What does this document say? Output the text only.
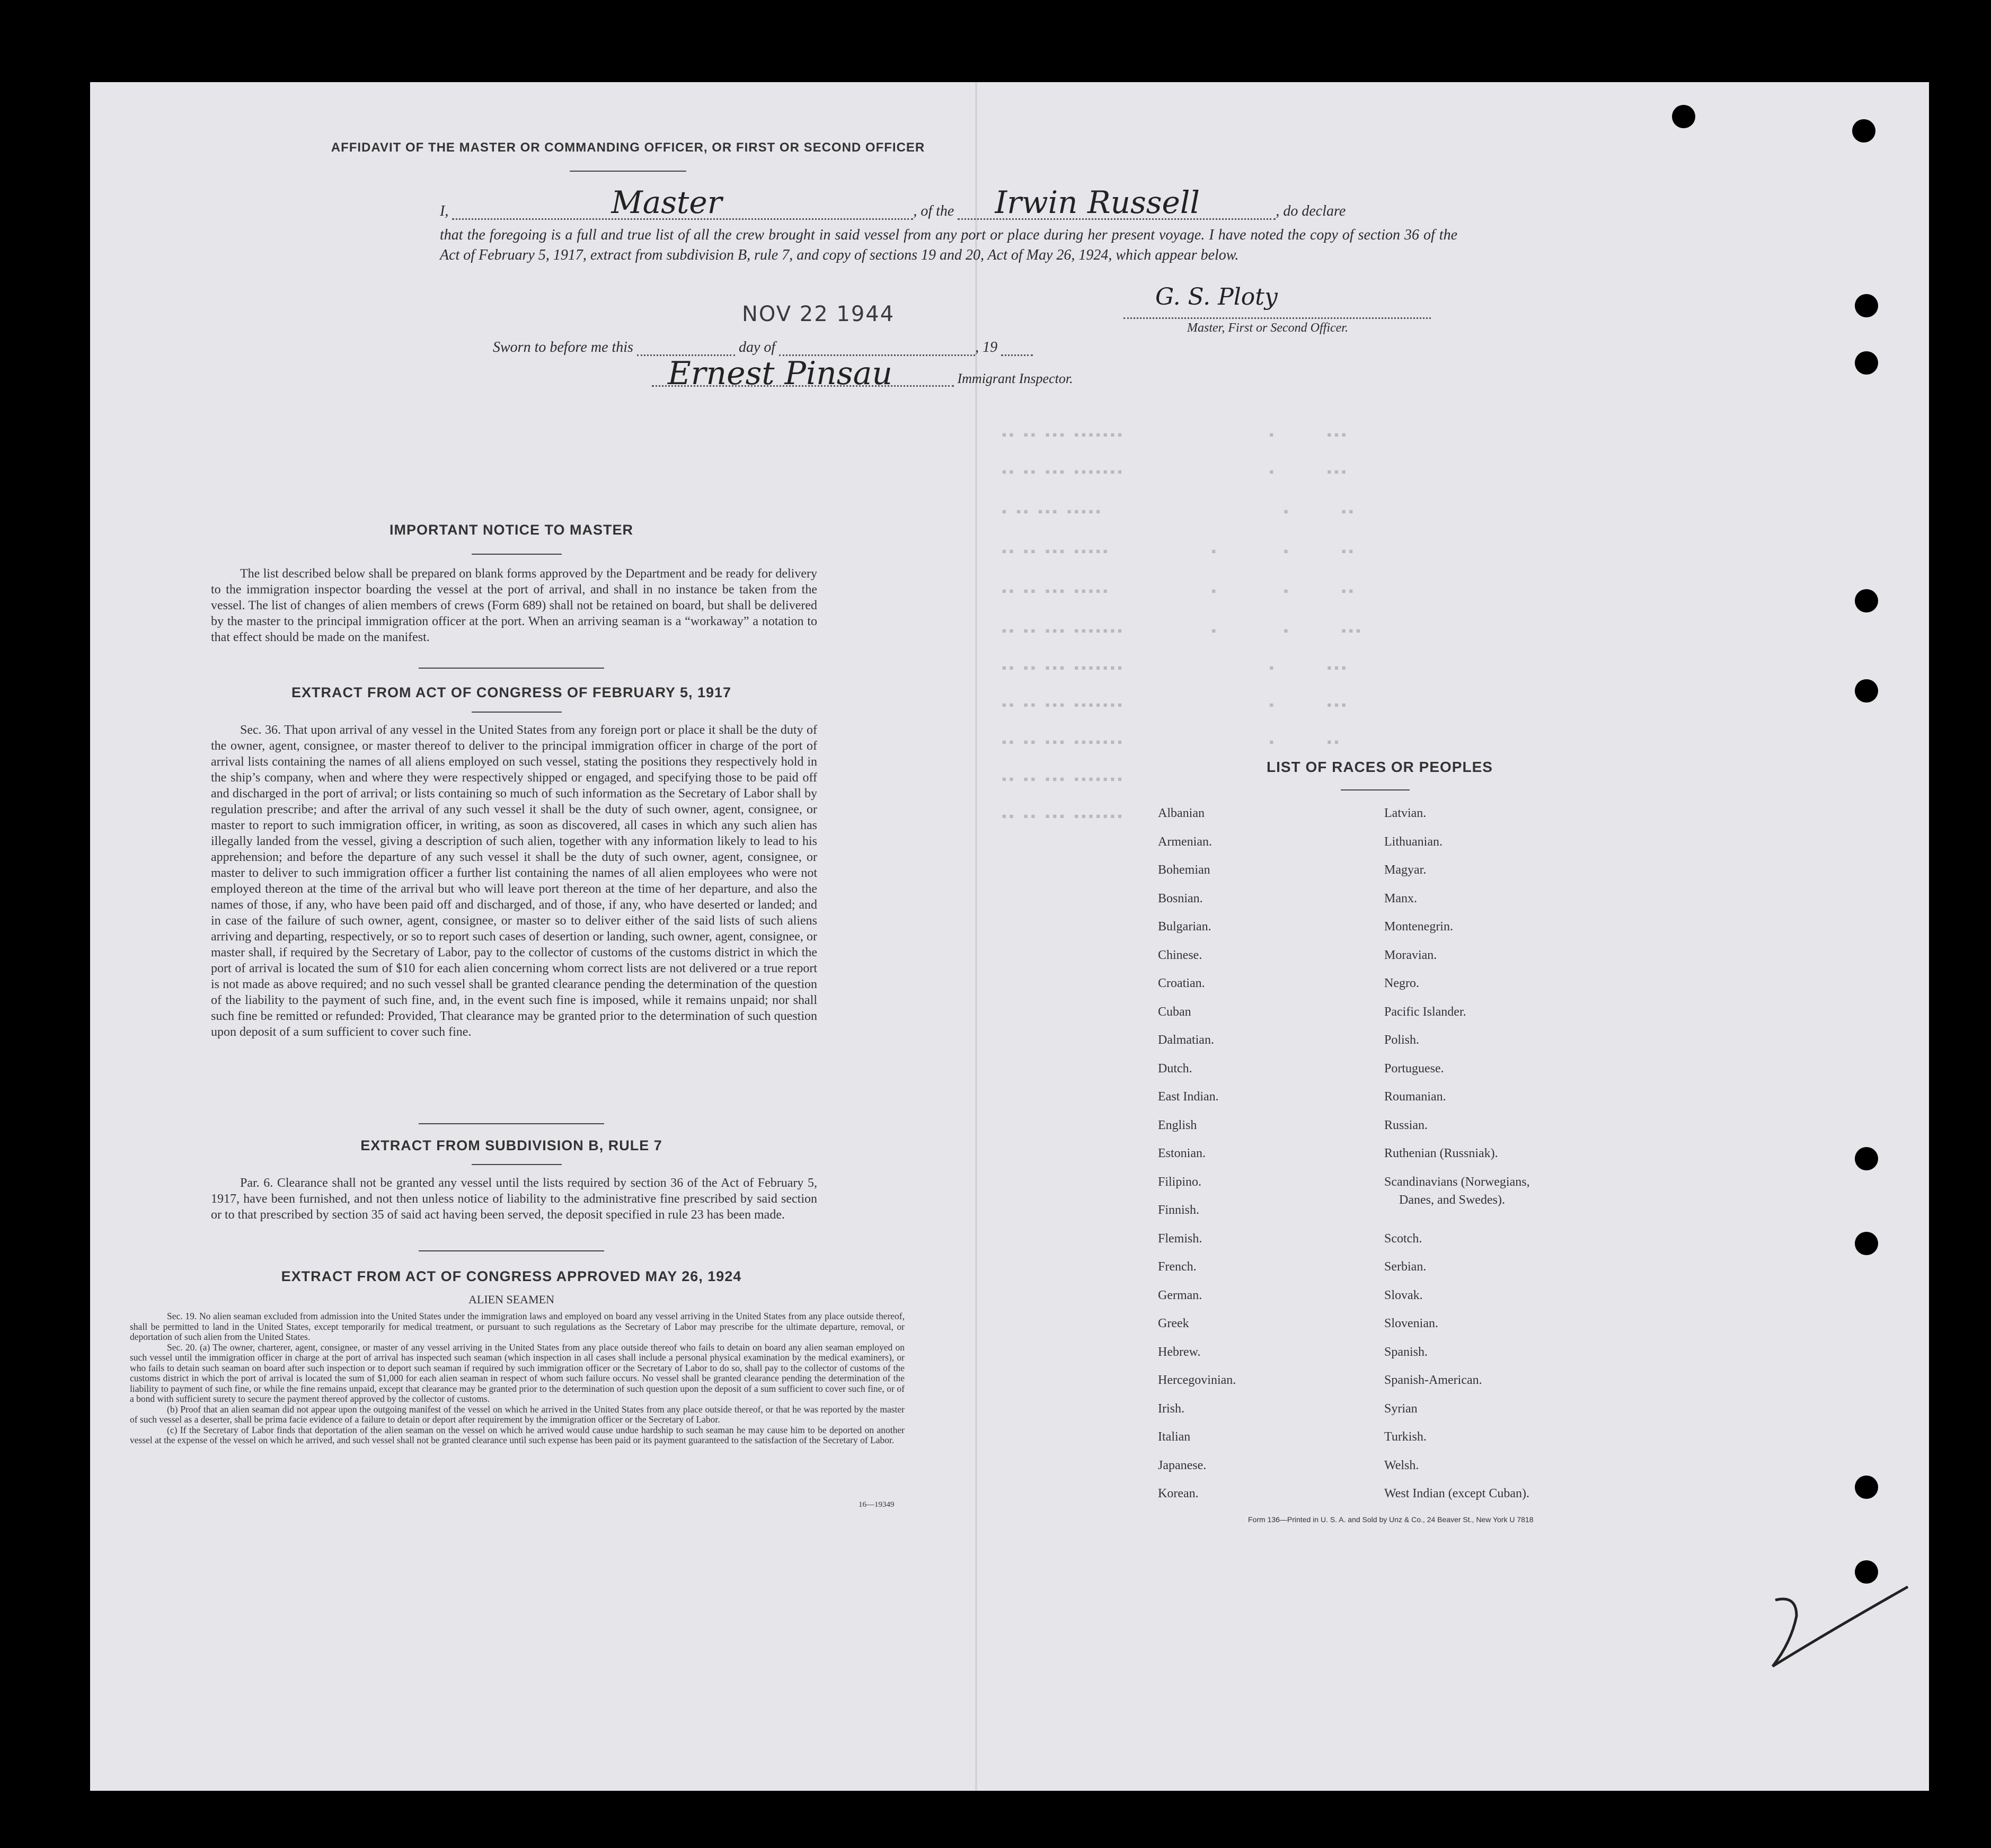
AFFIDAVIT OF THE MASTER OR COMMANDING OFFICER, OR FIRST OR SECOND OFFICER
I,	Master	, of the Irwin Russell	, do declare
that the foregoing is a full and true list of all the crew brought in said vessel from any port or place during her present voyage. I have noted the copy of section 36 of the Act of February 5, 1917, extract from subdivision B, rule 7, and copy of sections 19 and 20, Act of May 26, 1924, which appear below.
NOV 22 1944
G. S. Ploty
Master, First or Second Officer.
Sworn to before me this	day of	, 19
Ernest Pinsau	Immigrant Inspector.
IMPORTANT NOTICE TO MASTER
The list described below shall be prepared on blank forms approved by the Department and be ready for delivery to the immigration inspector boarding the vessel at the port of arrival, and shall in no instance be taken from the vessel. The list of changes of alien members of crews (Form 689) shall not be retained on board, but shall be delivered by the master to the principal immigration officer at the port. When an arriving seaman is a “workaway” a notation to that effect should be made on the manifest.
EXTRACT FROM ACT OF CONGRESS OF FEBRUARY 5, 1917
Sec. 36. That upon arrival of any vessel in the United States from any foreign port or place it shall be the duty of the owner, agent, consignee, or master thereof to deliver to the principal immigration officer in charge of the port of arrival lists containing the names of all aliens employed on such vessel, stating the positions they respectively hold in the ship’s company, when and where they were respectively shipped or engaged, and specifying those to be paid off and discharged in the port of arrival; or lists containing so much of such information as the Secretary of Labor shall by regulation prescribe; and after the arrival of any such vessel it shall be the duty of such owner, agent, consignee, or master to report to such immigration officer, in writing, as soon as discovered, all cases in which any such alien has illegally landed from the vessel, giving a description of such alien, together with any information likely to lead to his apprehension; and before the departure of any such vessel it shall be the duty of such owner, agent, consignee, or master to deliver to such immigration officer a further list containing the names of all alien employees who were not employed thereon at the time of the arrival but who will leave port thereon at the time of her departure, and also the names of those, if any, who have been paid off and discharged, and of those, if any, who have deserted or landed; and in case of the failure of such owner, agent, consignee, or master so to deliver either of the said lists of such aliens arriving and departing, respectively, or so to report such cases of desertion or landing, such owner, agent, consignee, or master shall, if required by the Secretary of Labor, pay to the collector of customs of the customs district in which the port of arrival is located the sum of $10 for each alien concerning whom correct lists are not delivered or a true report is not made as above required; and no such vessel shall be granted clearance pending the determination of the question of the liability to the payment of such fine, and, in the event such fine is imposed, while it remains unpaid; nor shall such fine be remitted or refunded: Provided, That clearance may be granted prior to the determination of such question upon deposit of a sum sufficient to cover such fine.
EXTRACT FROM SUBDIVISION B, RULE 7
Par. 6. Clearance shall not be granted any vessel until the lists required by section 36 of the Act of February 5, 1917, have been furnished, and not then unless notice of liability to the administrative fine prescribed by said section or to that prescribed by section 35 of said act having been served, the deposit specified in rule 23 has been made.
EXTRACT FROM ACT OF CONGRESS APPROVED MAY 26, 1924
ALIEN SEAMEN
Sec. 19. No alien seaman excluded from admission into the United States under the immigration laws and employed on board any vessel arriving in the United States from any place outside thereof, shall be permitted to land in the United States, except temporarily for medical treatment, or pursuant to such regulations as the Secretary of Labor may prescribe for the ultimate departure, removal, or deportation of such alien from the United States.
Sec. 20. (a) The owner, charterer, agent, consignee, or master of any vessel arriving in the United States from any place outside thereof who fails to detain on board any alien seaman employed on such vessel until the immigration officer in charge at the port of arrival has inspected such seaman (which inspection in all cases shall include a personal physical examination by the medical examiners), or who fails to detain such seaman on board after such inspection or to deport such seaman if required by such immigration officer or the Secretary of Labor to do so, shall pay to the collector of customs of the customs district in which the port of arrival is located the sum of $1,000 for each alien seaman in respect of whom such failure occurs. No vessel shall be granted clearance pending the determination of the liability to payment of such fine, or while the fine remains unpaid, except that clearance may be granted prior to the determination of such question upon the deposit of a sum sufficient to cover such fine, or of a bond with sufficient surety to secure the payment thereof approved by the collector of customs.
(b) Proof that an alien seaman did not appear upon the outgoing manifest of the vessel on which he arrived in the United States from any place outside thereof, or that he was reported by the master of such vessel as a deserter, shall be prima facie evidence of a failure to detain or deport after requirement by the immigration officer or the Secretary of Labor.
(c) If the Secretary of Labor finds that deportation of the alien seaman on the vessel on which he arrived would cause undue hardship to such seaman he may cause him to be deported on another vessel at the expense of the vessel on which he arrived, and such vessel shall not be granted clearance until such expense has been paid or its payment guaranteed to the satisfaction of the Secretary of Labor.
16—19349
▪▪ ▪▪ ▪▪▪ ▪▪▪▪▪▪▪                    ▪       ▪▪▪
▪▪ ▪▪ ▪▪▪ ▪▪▪▪▪▪▪                    ▪       ▪▪▪
▪ ▪▪ ▪▪▪ ▪▪▪▪▪                         ▪       ▪▪
▪▪ ▪▪ ▪▪▪ ▪▪▪▪▪              ▪         ▪       ▪▪
▪▪ ▪▪ ▪▪▪ ▪▪▪▪▪              ▪         ▪       ▪▪
▪▪ ▪▪ ▪▪▪ ▪▪▪▪▪▪▪            ▪         ▪       ▪▪▪
▪▪ ▪▪ ▪▪▪ ▪▪▪▪▪▪▪                    ▪       ▪▪▪
▪▪ ▪▪ ▪▪▪ ▪▪▪▪▪▪▪                    ▪       ▪▪▪
▪▪ ▪▪ ▪▪▪ ▪▪▪▪▪▪▪                    ▪       ▪▪
▪▪ ▪▪ ▪▪▪ ▪▪▪▪▪▪▪
▪▪ ▪▪ ▪▪▪ ▪▪▪▪▪▪▪
LIST OF RACES OR PEOPLES
Albanian
Armenian.
Bohemian
Bosnian.
Bulgarian.
Chinese.
Croatian.
Cuban
Dalmatian.
Dutch.
East Indian.
English
Estonian.
Filipino.
Finnish.
Flemish.
French.
German.
Greek
Hebrew.
Hercegovinian.
Irish.
Italian
Japanese.
Korean.
Latvian.
Lithuanian.
Magyar.
Manx.
Montenegrin.
Moravian.
Negro.
Pacific Islander.
Polish.
Portuguese.
Roumanian.
Russian.
Ruthenian (Russniak).
Scandinavians (Norwegians,
Scotch.
Serbian.
Slovak.
Slovenian.
Spanish.
Spanish-American.
Syrian
Turkish.
Welsh.
West Indian (except Cuban).
Danes, and Swedes).
Form 136—Printed in U. S. A. and Sold by Unz & Co., 24 Beaver St., New York U 7818
